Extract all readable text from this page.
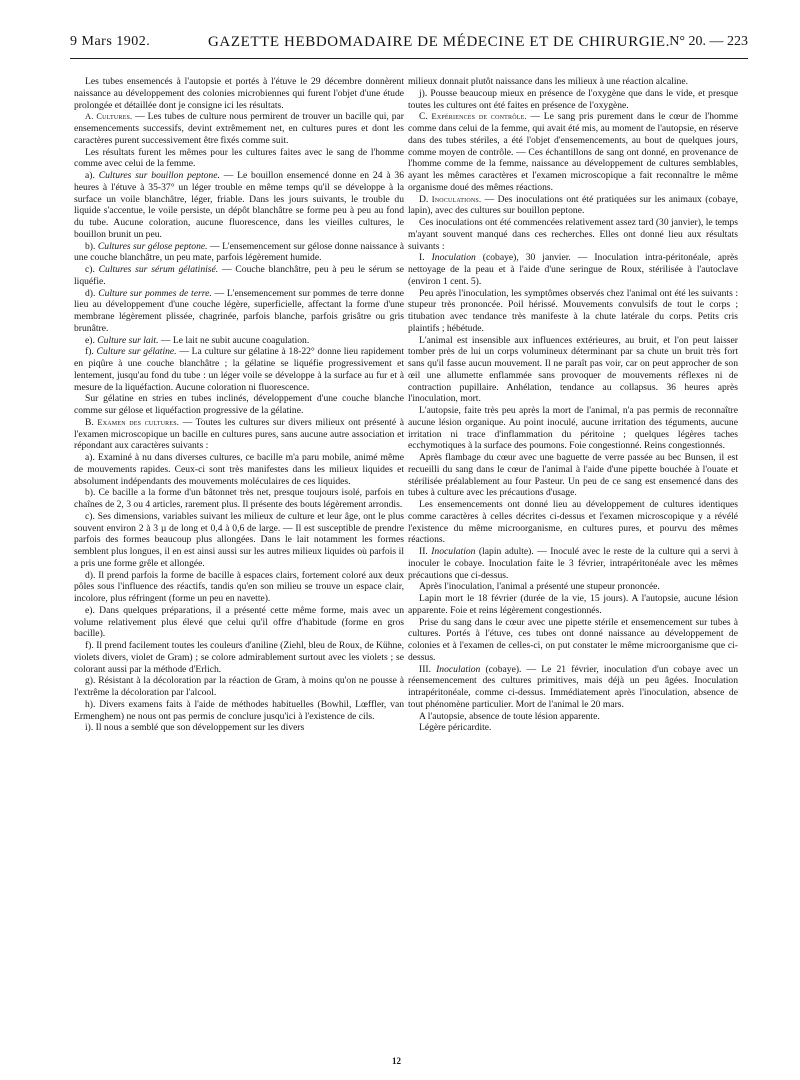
9 Mars 1902.	GAZETTE HEBDOMADAIRE DE MÉDECINE ET DE CHIRURGIE. N° 20. — 223

Les tubes ensemencés à l'autopsie et portés à l'étuve le 29 décembre donnèrent naissance au développement des colonies microbiennes qui furent l'objet d'une étude prolongée et détaillée dont je consigne ici les résultats.

A. Cultures. — Les tubes de culture nous permirent de trouver un bacille qui, par ensemencements successifs, devint extrêmement net, en cultures pures et dont les caractères purent successivement être fixés comme suit.

Les résultats furent les mêmes pour les cultures faites avec le sang de l'homme comme avec celui de la femme.

a). Cultures sur bouillon peptone. — Le bouillon ensemencé donne en 24 à 36 heures à l'étuve à 35-37° un léger trouble en même temps qu'il se développe à la surface un voile blanchâtre, léger, friable. Dans les jours suivants, le trouble du liquide s'accentue, le voile persiste, un dépôt blanchâtre se forme peu à peu au fond du tube. Aucune coloration, aucune fluorescence, dans les vieilles cultures, le bouillon brunit un peu.

b). Cultures sur gélose peptone. — L'ensemencement sur gélose donne naissance à une couche blanchâtre, un peu mate, parfois légèrement humide.

c). Cultures sur sérum gélatinisé. — Couche blanchâtre, peu à peu le sérum se liquéfie.

d). Culture sur pommes de terre. — L'ensemencement sur pommes de terre donne lieu au développement d'une couche légère, superficielle, affectant la forme d'une membrane légèrement plissée, chagrinée, parfois blanche, parfois grisâtre ou gris brunâtre.

e). Culture sur lait. — Le lait ne subit aucune coagulation.

f). Culture sur gélatine. — La culture sur gélatine à 18-22° donne lieu rapidement en piqûre à une couche blanchâtre ; la gélatine se liquéfie progressivement et lentement, jusqu'au fond du tube : un léger voile se développe à la surface au fur et à mesure de la liquéfaction. Aucune coloration ni fluorescence.

Sur gélatine en stries en tubes inclinés, développement d'une couche blanche comme sur gélose et liquéfaction progressive de la gélatine.

B. Examen des cultures. — Toutes les cultures sur divers milieux ont présenté à l'examen microscopique un bacille en cultures pures, sans aucune autre association et répondant aux caractères suivants :

a). Examiné à nu dans diverses cultures, ce bacille m'a paru mobile, animé même de mouvements rapides. Ceux-ci sont très manifestes dans les milieux liquides et absolument indépendants des mouvements moléculaires de ces liquides.

b). Ce bacille a la forme d'un bâtonnet très net, presque toujours isolé, parfois en chaînes de 2, 3 ou 4 articles, rarement plus. Il présente des bouts légèrement arrondis.

c). Ses dimensions, variables suivant les milieux de culture et leur âge, ont le plus souvent environ 2 à 3 µ de long et 0,4 à 0,6 de large. — Il est susceptible de prendre parfois des formes beaucoup plus allongées. Dans le lait notamment les formes semblent plus longues, il en est ainsi aussi sur les autres milieux liquides où parfois il a pris une forme grêle et allongée.

d). Il prend parfois la forme de bacille à espaces clairs, fortement coloré aux deux pôles sous l'influence des réactifs, tandis qu'en son milieu se trouve un espace clair, incolore, plus réfringent (forme un peu en navette).

e). Dans quelques préparations, il a présenté cette même forme, mais avec un volume relativement plus élevé que celui qu'il offre d'habitude (forme en gros bacille).

f). Il prend facilement toutes les couleurs d'aniline (Ziehl, bleu de Roux, de Kühne, violets divers, violet de Gram) ; se colore admirablement surtout avec les violets ; se colorant aussi par la méthode d'Erlich.

g). Résistant à la décoloration par la réaction de Gram, à moins qu'on ne pousse à l'extrême la décoloration par l'alcool.

h). Divers examens faits à l'aide de méthodes habituelles (Bowhil, Lœffler, van Ermenghem) ne nous ont pas permis de conclure jusqu'ici à l'existence de cils.

i). Il nous a semblé que son développement sur les divers

milieux donnait plutôt naissance dans les milieux à une réaction alcaline.

j). Pousse beaucoup mieux en présence de l'oxygène que dans le vide, et presque toutes les cultures ont été faites en présence de l'oxygène.

C. Expériences de contrôle. — Le sang pris purement dans le cœur de l'homme comme dans celui de la femme, qui avait été mis, au moment de l'autopsie, en réserve dans des tubes stériles, a été l'objet d'ensemencements, au bout de quelques jours, comme moyen de contrôle. — Ces échantillons de sang ont donné, en provenance de l'homme comme de la femme, naissance au développement de cultures semblables, ayant les mêmes caractères et l'examen microscopique a fait reconnaître le même organisme doué des mêmes réactions.

D. Inoculations. — Des inoculations ont été pratiquées sur les animaux (cobaye, lapin), avec des cultures sur bouillon peptone.

Ces inoculations ont été commencées relativement assez tard (30 janvier), le temps m'ayant souvent manqué dans ces recherches. Elles ont donné lieu aux résultats suivants :

I. Inoculation (cobaye), 30 janvier. — Inoculation intra-péritonéale, après nettoyage de la peau et à l'aide d'une seringue de Roux, stérilisée à l'autoclave (environ 1 cent. 5).

Peu après l'inoculation, les symptômes observés chez l'animal ont été les suivants : stupeur très prononcée. Poil hérissé. Mouvements convulsifs de tout le corps ; titubation avec tendance très manifeste à la chute latérale du corps. Petits cris plaintifs ; hébétude.

L'animal est insensible aux influences extérieures, au bruit, et l'on peut laisser tomber près de lui un corps volumineux déterminant par sa chute un bruit très fort sans qu'il fasse aucun mouvement. Il ne paraît pas voir, car on peut approcher de son œil une allumette enflammée sans provoquer de mouvements réflexes ni de contraction pupillaire. Anhélation, tendance au collapsus. 36 heures après l'inoculation, mort.

L'autopsie, faite très peu après la mort de l'animal, n'a pas permis de reconnaître aucune lésion organique. Au point inoculé, aucune irritation des téguments, aucune irritation ni trace d'inflammation du péritoine ; quelques légères taches ecchymotiques à la surface des poumons. Foie congestionné. Reins congestionnés.

Après flambage du cœur avec une baguette de verre passée au bec Bunsen, il est recueilli du sang dans le cœur de l'animal à l'aide d'une pipette bouchée à l'ouate et stérilisée préalablement au four Pasteur. Un peu de ce sang est ensemencé dans des tubes à culture avec les précautions d'usage.

Les ensemencements ont donné lieu au développement de cultures identiques comme caractères à celles décrites ci-dessus et l'examen microscopique y a révélé l'existence du même microorganisme, en cultures pures, et pourvu des mêmes réactions.

II. Inoculation (lapin adulte). — Inoculé avec le reste de la culture qui a servi à inoculer le cobaye. Inoculation faite le 3 février, intrapéritonéale avec les mêmes précautions que ci-dessus.

Après l'inoculation, l'animal a présenté une stupeur prononcée.

Lapin mort le 18 février (durée de la vie, 15 jours). A l'autopsie, aucune lésion apparente. Foie et reins légèrement congestionnés.

Prise du sang dans le cœur avec une pipette stérile et ensemencement sur tubes à cultures. Portés à l'étuve, ces tubes ont donné naissance au développement de colonies et à l'examen de celles-ci, on put constater le même microorganisme que ci-dessus.

III. Inoculation (cobaye). — Le 21 février, inoculation d'un cobaye avec un réensemencement des cultures primitives, mais déjà un peu âgées. Inoculation intrapéritonéale, comme ci-dessus. Immédiatement après l'inoculation, absence de tout phénomène particulier. Mort de l'animal le 20 mars.

A l'autopsie, absence de toute lésion apparente.

Légère péricardite.

12
